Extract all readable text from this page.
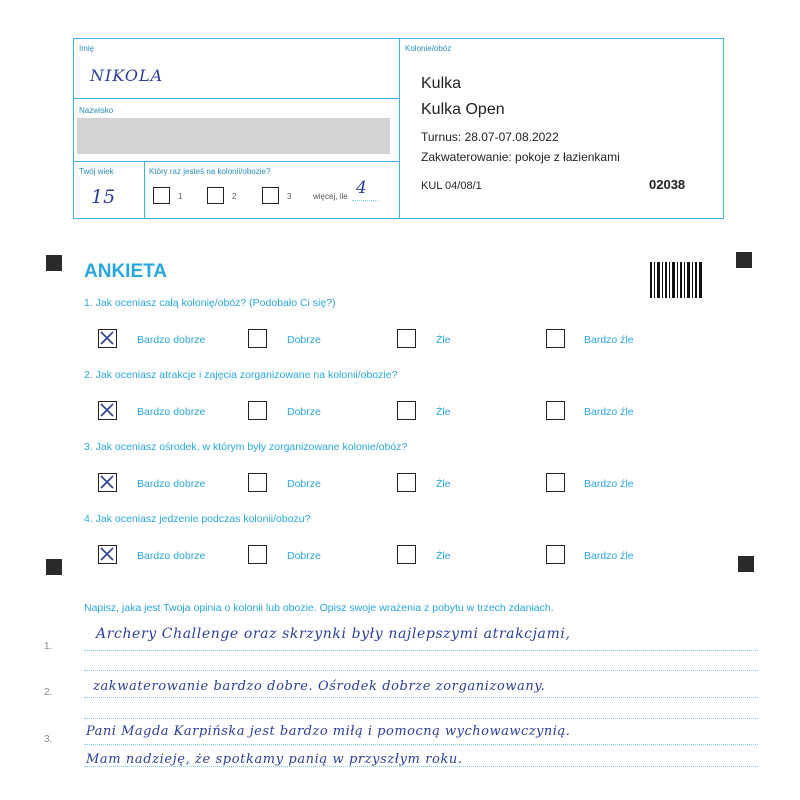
Imię
NIKOLA
Nazwisko
Twój wiek
15
Który raz jesteś na kolonii/obozie?
1	2	3	więcej, ile 4
Kolonie/obóz
Kulka
Kulka Open
Turnus: 28.07-07.08.2022
Zakwaterowanie: pokoje z łazienkami
KUL 04/08/1	02038
ANKIETA
1. Jak oceniasz całą kolonię/obóz? (Podobało Ci się?)
Bardzo dobrze	Dobrze	Źle	Bardzo źle
2. Jak oceniasz atrakcje i zajęcia zorganizowane na kolonii/obozie?
Bardzo dobrze	Dobrze	Źle	Bardzo źle
3. Jak oceniasz ośrodek, w którym były zorganizowane kolonie/obóz?
Bardzo dobrze	Dobrze	Źle	Bardzo źle
4. Jak oceniasz jedzenie podczas kolonii/obozu?
Bardzo dobrze	Dobrze	Źle	Bardzo źle
Napisz, jaka jest Twoja opinia o kolonii lub obozie. Opisz swoje wrażenia z pobytu w trzech zdaniach.
1.
Archery Challenge oraz skrzynki były najlepszymi atrakcjami,
2.	zakwaterowanie bardzo dobre. Ośrodek dobrze zorganizowany.
3.
Pani Magda Karpińska jest bardzo miłą i pomocną wychowawczynią.
Mam nadzieję, że spotkamy panią w przyszłym roku.
